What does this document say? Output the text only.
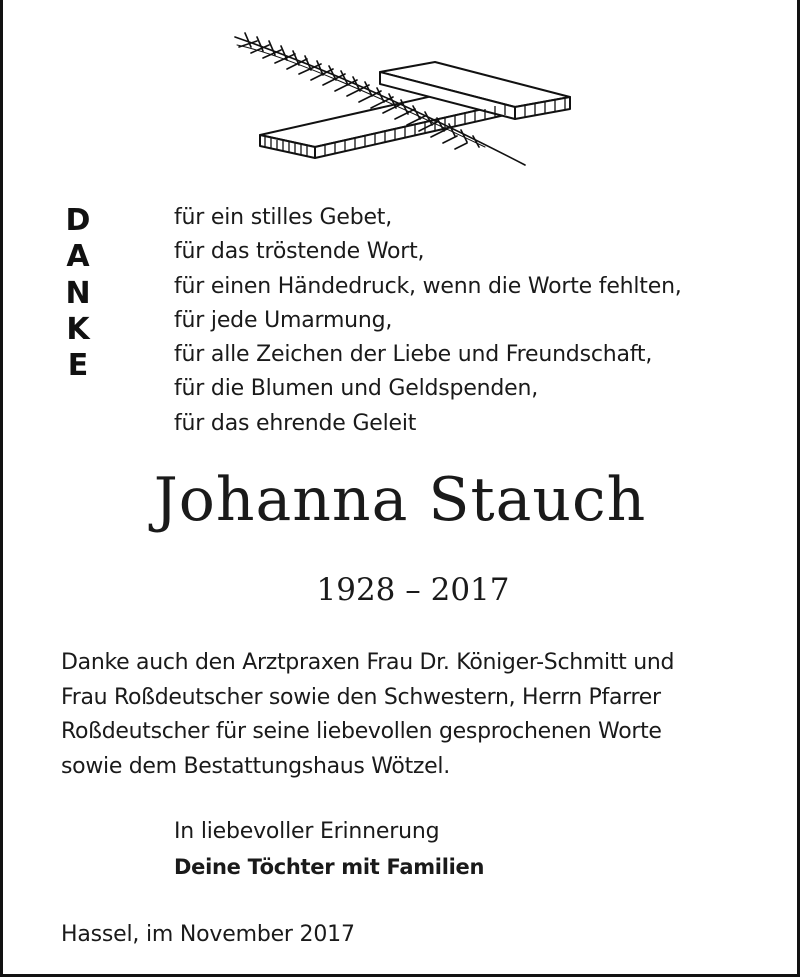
D
A
N
K
E
für ein stilles Gebet,
für das tröstende Wort,
für einen Händedruck, wenn die Worte fehlten,
für jede Umarmung,
für alle Zeichen der Liebe und Freundschaft,
für die Blumen und Geldspenden,
für das ehrende Geleit
Johanna Stauch
1928 – 2017

Danke auch den Arztpraxen Frau Dr. Königer-Schmitt und
Frau Roßdeutscher sowie den Schwestern, Herrn Pfarrer
Roßdeutscher für seine liebevollen gesprochenen Worte
sowie dem Bestattungshaus Wötzel.

In liebevoller Erinnerung
Deine Töchter mit Familien
Hassel, im November 2017
